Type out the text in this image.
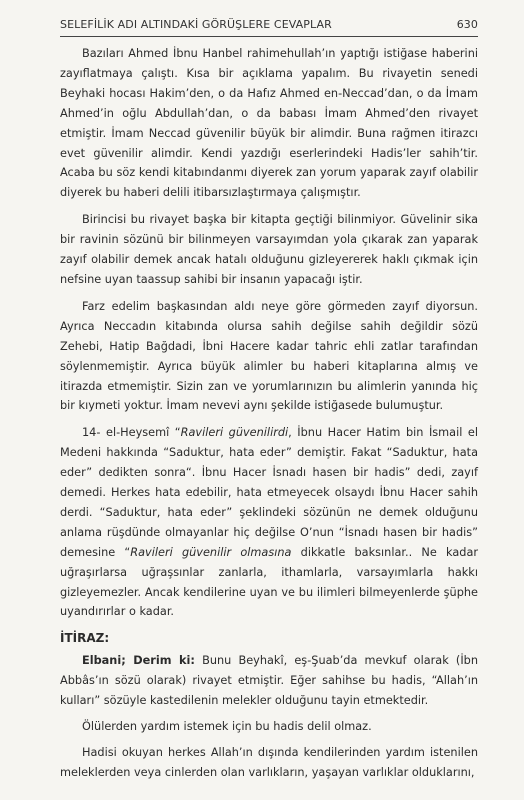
SELEFİLİK ADI ALTINDAKİ GÖRÜŞLERE CEVAPLAR	630

Bazıları Ahmed İbnu Hanbel rahimehullah’ın yaptığı istiğase haberini zayıflatmaya çalıştı. Kısa bir açıklama yapalım. Bu rivayetin senedi Beyhaki hocası Hakim’den, o da Hafız Ahmed en-Neccad’dan, o da İmam Ahmed’in oğlu Abdullah’dan, o da babası İmam Ahmed’den rivayet etmiştir. İmam Neccad güvenilir büyük bir alimdir. Buna rağmen itirazcı evet güvenilir alimdir. Kendi yazdığı eserlerindeki Hadis’ler sahih’tir. Acaba bu söz kendi kitabındanmı diyerek zan yorum yaparak zayıf olabilir diyerek bu haberi delili itibarsızlaştırmaya çalışmıştır.

Birincisi bu rivayet başka bir kitapta geçtiği bilinmiyor. Güvelinir sika bir ravinin sözünü bir bilinmeyen varsayımdan yola çıkarak zan yaparak zayıf olabilir demek ancak hatalı olduğunu gizleyererek haklı çıkmak için nefsine uyan taassup sahibi bir insanın yapacağı iştir.

Farz edelim başkasından aldı neye göre görmeden zayıf diyorsun. Ayrıca Neccadın kitabında olursa sahih değilse sahih değildir sözü Zehebi, Hatip Bağdadi, İbni Hacere kadar tahric ehli zatlar tarafından söylenmemiştir. Ayrıca büyük alimler bu haberi kitaplarına almış ve itirazda etmemiştir. Sizin zan ve yorumlarınızın bu alimlerin yanında hiç bir kıymeti yoktur. İmam nevevi aynı şekilde istiğasede bulumuştur.

14- el-Heysemî “Ravileri güvenilirdi, İbnu Hacer Hatim bin İsmail el Medeni hakkında “Saduktur, hata eder” demiştir. Fakat “Saduktur, hata eder” dedikten sonra“. İbnu Hacer İsnadı hasen bir hadis” dedi, zayıf demedi. Herkes hata edebilir, hata etmeyecek olsaydı İbnu Hacer sahih derdi. “Saduktur, hata eder” şeklindeki sözünün ne demek olduğunu anlama rüşdünde olmayanlar hiç değilse O’nun “İsnadı hasen bir hadis” demesine “Ravileri güvenilir olmasına dikkatle baksınlar.. Ne kadar uğraşırlarsa uğraşsınlar zanlarla, ithamlarla, varsayımlarla hakkı gizleyemezler. Ancak kendilerine uyan ve bu ilimleri bilmeyenlerde şüphe uyandırırlar o kadar.

İTİRAZ:

Elbani; Derim ki: Bunu Beyhakî, eş-Şuab’da mevkuf olarak (İbn Abbâs’ın sözü olarak) rivayet etmiştir. Eğer sahihse bu hadis, “Allah’ın kulları” sözüyle kastedilenin melekler olduğunu tayin etmektedir.

Ölülerden yardım istemek için bu hadis delil olmaz.

Hadisi okuyan herkes Allah’ın dışında kendilerinden yardım istenilen meleklerden veya cinlerden olan varlıkların, yaşayan varlıklar olduklarını,
